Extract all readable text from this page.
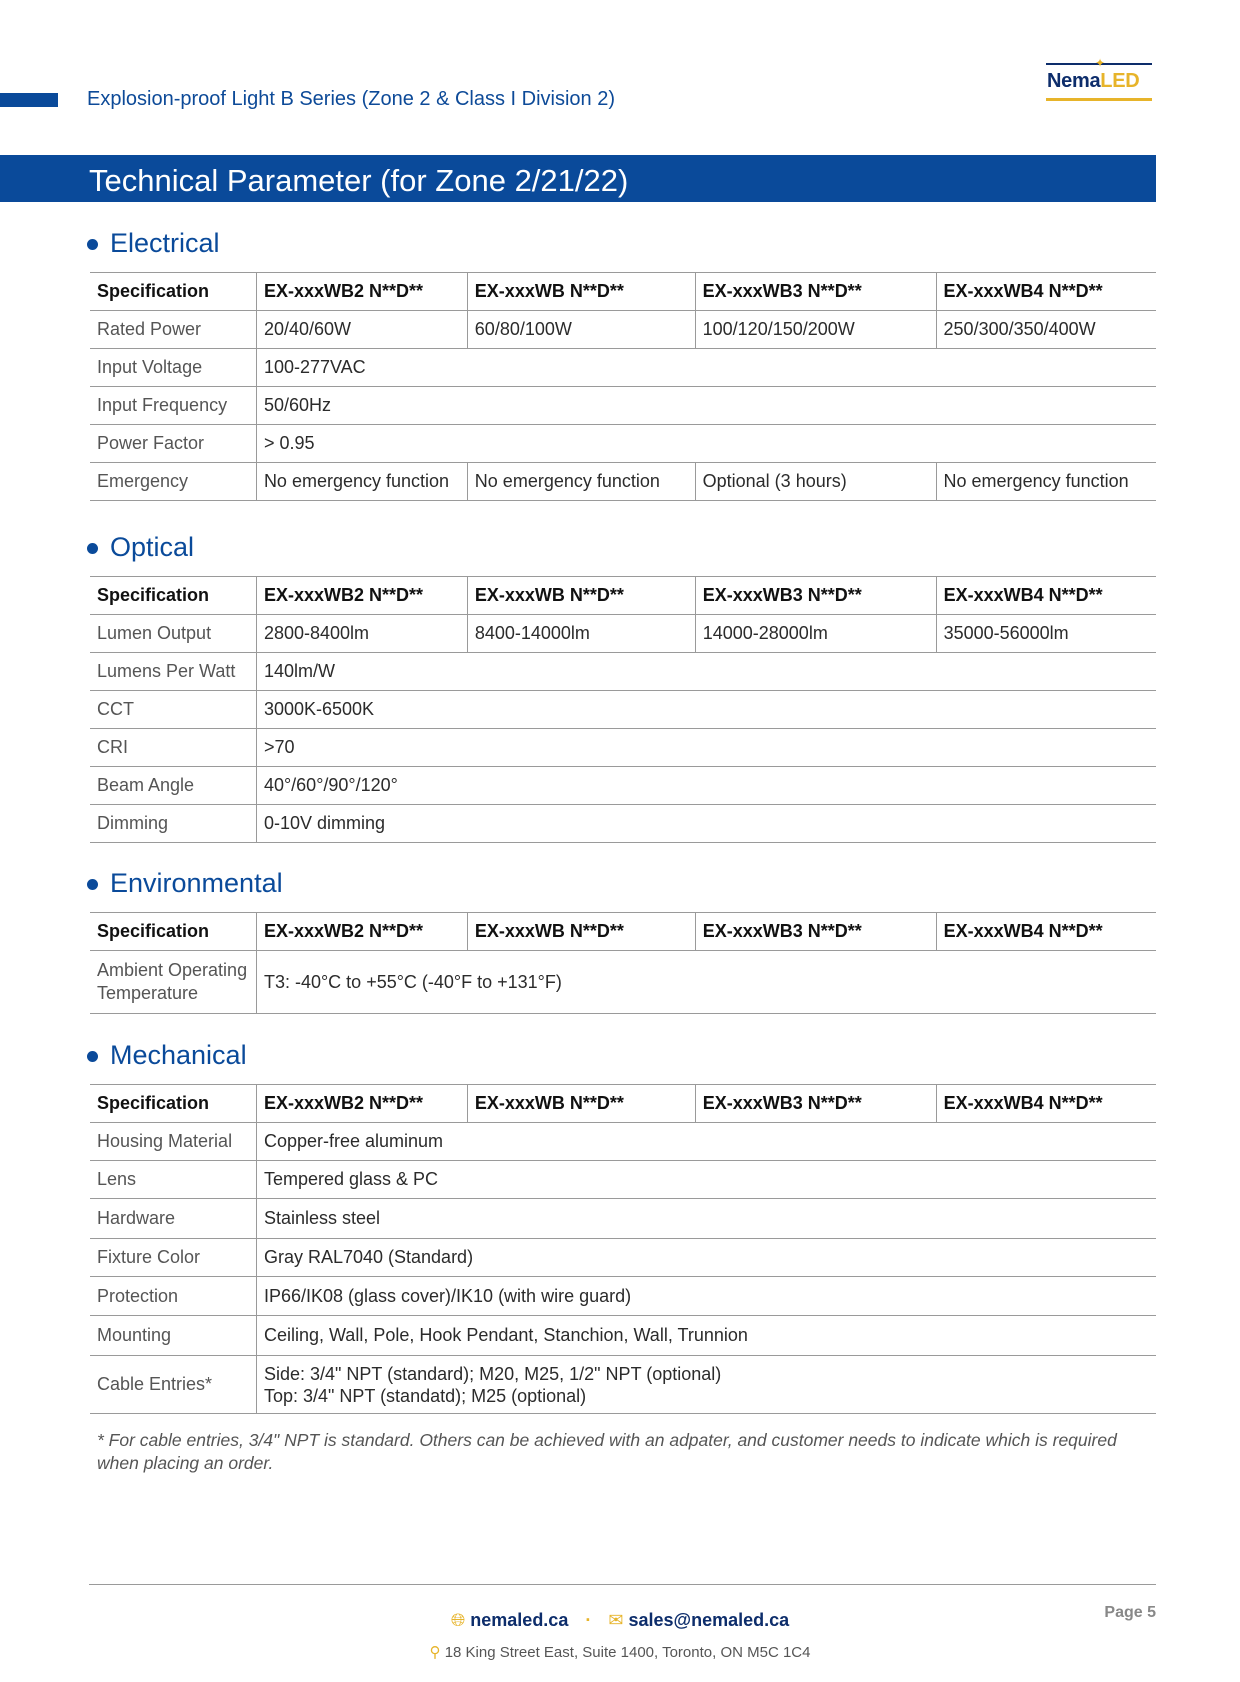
Explosion-proof Light B Series (Zone 2 & Class I Division 2)
✦
NemaLED
Technical Parameter (for Zone 2/21/22)
Electrical
Specification	EX-xxxWB2 N**D**	EX-xxxWB N**D**	EX-xxxWB3 N**D**	EX-xxxWB4 N**D**
Rated Power	20/40/60W	60/80/100W	100/120/150/200W	250/300/350/400W
Input Voltage	100-277VAC			
Input Frequency	50/60Hz			
Power Factor	> 0.95			
Emergency	No emergency function	No emergency function	Optional (3 hours)	No emergency function
Optical
Specification	EX-xxxWB2 N**D**	EX-xxxWB N**D**	EX-xxxWB3 N**D**	EX-xxxWB4 N**D**
Lumen Output	2800-8400lm	8400-14000lm	14000-28000lm	35000-56000lm
Lumens Per Watt	140lm/W			
CCT	3000K-6500K			
CRI	>70			
Beam Angle	40°/60°/90°/120°			
Dimming	0-10V dimming			
Environmental
Specification	EX-xxxWB2 N**D**	EX-xxxWB N**D**	EX-xxxWB3 N**D**	EX-xxxWB4 N**D**
Ambient Operating
Temperature	T3: -40°C to +55°C (-40°F to +131°F)			
Mechanical
Specification	EX-xxxWB2 N**D**	EX-xxxWB N**D**	EX-xxxWB3 N**D**	EX-xxxWB4 N**D**
Housing Material	Copper-free aluminum			
Lens	Tempered glass & PC			
Hardware	Stainless steel			
Fixture Color	Gray RAL7040 (Standard)			
Protection	IP66/IK08 (glass cover)/IK10 (with wire guard)			
Mounting	Ceiling, Wall, Pole, Hook Pendant, Stanchion, Wall, Trunnion			
Cable Entries*	Side: 3/4" NPT (standard); M20, M25, 1/2" NPT (optional)
Top: 3/4" NPT (standatd); M25 (optional)			
* For cable entries, 3/4" NPT is standard. Others can be achieved with an adpater, and customer needs to indicate which is required when placing an order.
Page 5
🌐︎ nemaled.ca · ✉ sales@nemaled.ca
⚲ 18 King Street East, Suite 1400, Toronto, ON M5C 1C4
